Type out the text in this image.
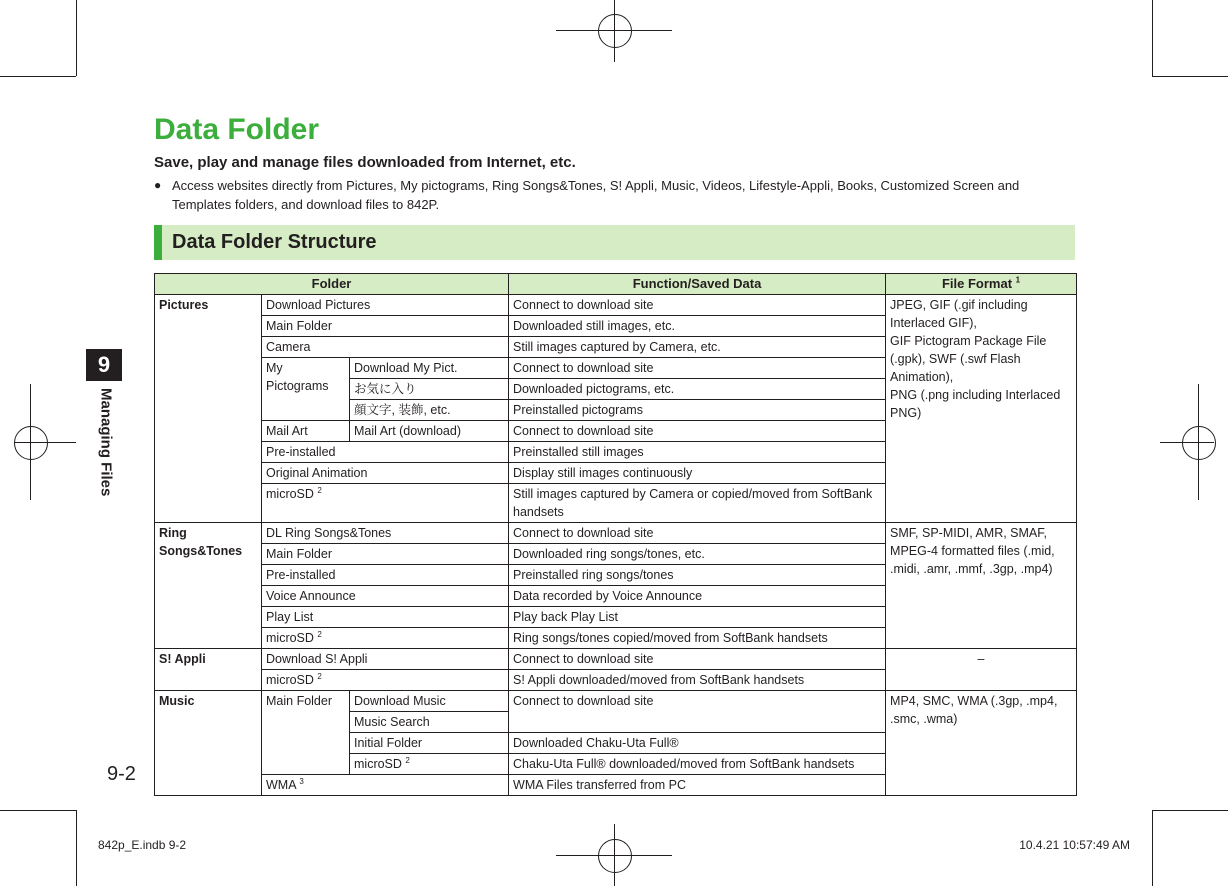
9
Managing Files
9-2
Data Folder

Save, play and manage files downloaded from Internet, etc.

● Access websites directly from Pictures, My pictograms, Ring Songs&Tones, S! Appli, Music, Videos, Lifestyle-Appli, Books, Customized Screen and Templates folders, and download files to 842P.
Data Folder Structure
Folder			Function/Saved Data	File Format $^1$
Pictures	Download Pictures		Connect to download site	JPEG, GIF (.gif including Interlaced GIF),
GIF Pictogram Package File (.gpk), SWF (.swf Flash Animation),
PNG (.png including Interlaced PNG)
	Main Folder		Downloaded still images, etc.	
	Camera		Still images captured by Camera, etc.	
	My Pictograms	Download My Pict.	Connect to download site	
		お気に入り	Downloaded pictograms, etc.	
		顔文字, 装飾, etc.	Preinstalled pictograms	
	Mail Art	Mail Art (download)	Connect to download site	
	Pre-installed		Preinstalled still images	
	Original Animation		Display still images continuously	
	microSD $^2$		Still images captured by Camera or copied/moved from SoftBank handsets	
Ring Songs&Tones	DL Ring Songs&Tones		Connect to download site	SMF, SP-MIDI, AMR, SMAF, MPEG-4 formatted files (.mid, .midi, .amr, .mmf, .3gp, .mp4)
	Main Folder		Downloaded ring songs/tones, etc.	
	Pre-installed		Preinstalled ring songs/tones	
	Voice Announce		Data recorded by Voice Announce	
	Play List		Play back Play List	
	microSD $^2$		Ring songs/tones copied/moved from SoftBank handsets	
S! Appli	Download S! Appli		Connect to download site	–
	microSD $^2$		S! Appli downloaded/moved from SoftBank handsets	
Music	Main Folder	Download Music	Connect to download site	MP4, SMC, WMA (.3gp, .mp4, .smc, .wma)
		Music Search		
		Initial Folder	Downloaded Chaku-Uta Full®	
		microSD $^2$	Chaku-Uta Full® downloaded/moved from SoftBank handsets	
	WMA $^3$		WMA Files transferred from PC	
842p_E.indb 9-2	10.4.21 10:57:49 AM
